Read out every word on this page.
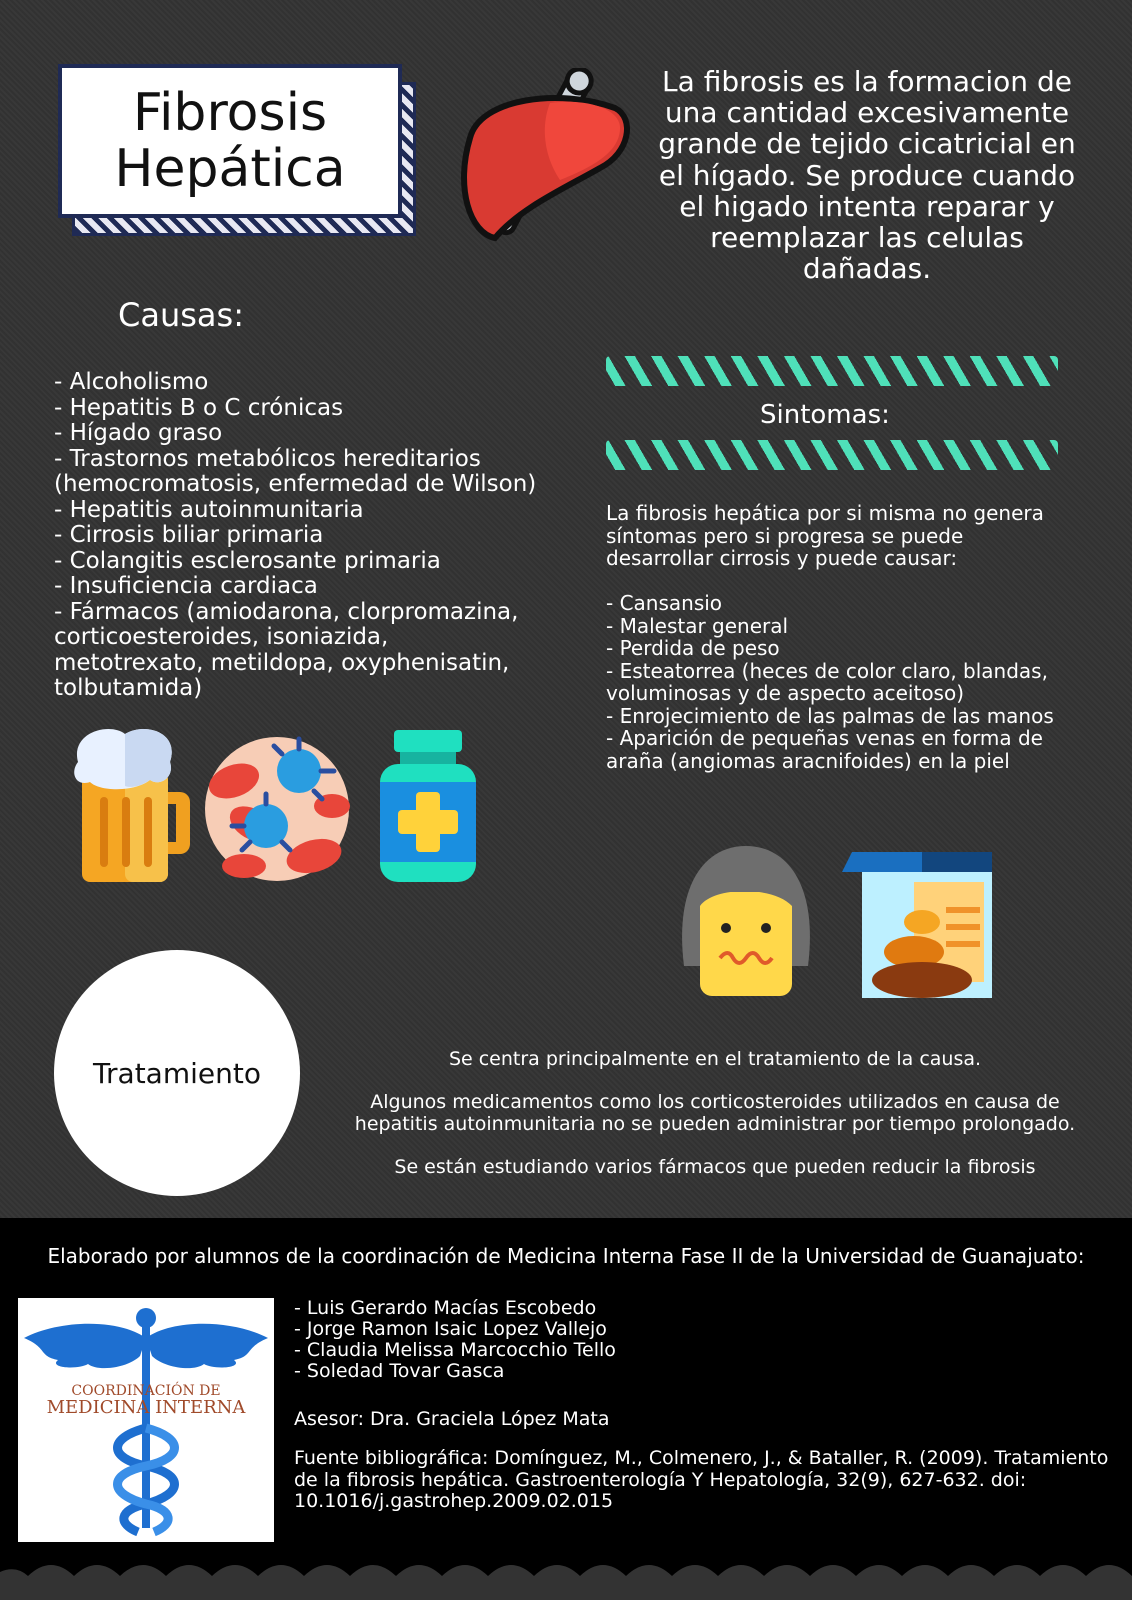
Fibrosis
Hepática
La fibrosis es la formacion de una cantidad excesivamente grande de tejido cicatricial en el hígado. Se produce cuando el higado intenta reparar y reemplazar las celulas dañadas.
Causas:
- Alcoholismo
- Hepatitis B o C crónicas
- Hígado graso
- Trastornos metabólicos hereditarios
(hemocromatosis, enfermedad de Wilson)
- Hepatitis autoinmunitaria
- Cirrosis biliar primaria
- Colangitis esclerosante primaria
- Insuficiencia cardiaca
- Fármacos (amiodarona, clorpromazina,
corticoesteroides, isoniazida,
metotrexato, metildopa, oxyphenisatin,
tolbutamida)
Sintomas:
La fibrosis hepática por si misma no genera síntomas pero si progresa se puede desarrollar cirrosis y puede causar:
- Cansansio
- Malestar general
- Perdida de peso
- Esteatorrea (heces de color claro, blandas, voluminosas y de aspecto aceitoso)
- Enrojecimiento de las palmas de las manos
- Aparición de pequeñas venas en forma de araña (angiomas aracnifoides) en la piel
Tratamiento	Se centra principalmente en el tratamiento de la causa.

Algunos medicamentos como los corticosteroides utilizados en causa de hepatitis autoinmunitaria no se pueden administrar por tiempo prolongado.

Se están estudiando varios fármacos que pueden reducir la fibrosis

Elaborado por alumnos de la coordinación de Medicina Interna Fase II de la Universidad de Guanajuato:
COORDINACIÓN DE
MEDICINA INTERNA
- Luis Gerardo Macías Escobedo
- Jorge Ramon Isaic Lopez Vallejo
- Claudia Melissa Marcocchio Tello
- Soledad Tovar Gasca
Asesor: Dra. Graciela López Mata
Fuente bibliográfica: Domínguez, M., Colmenero, J., & Bataller, R. (2009). Tratamiento de la fibrosis hepática. Gastroenterología Y Hepatología, 32(9), 627-632. doi: 10.1016/j.gastrohep.2009.02.015
